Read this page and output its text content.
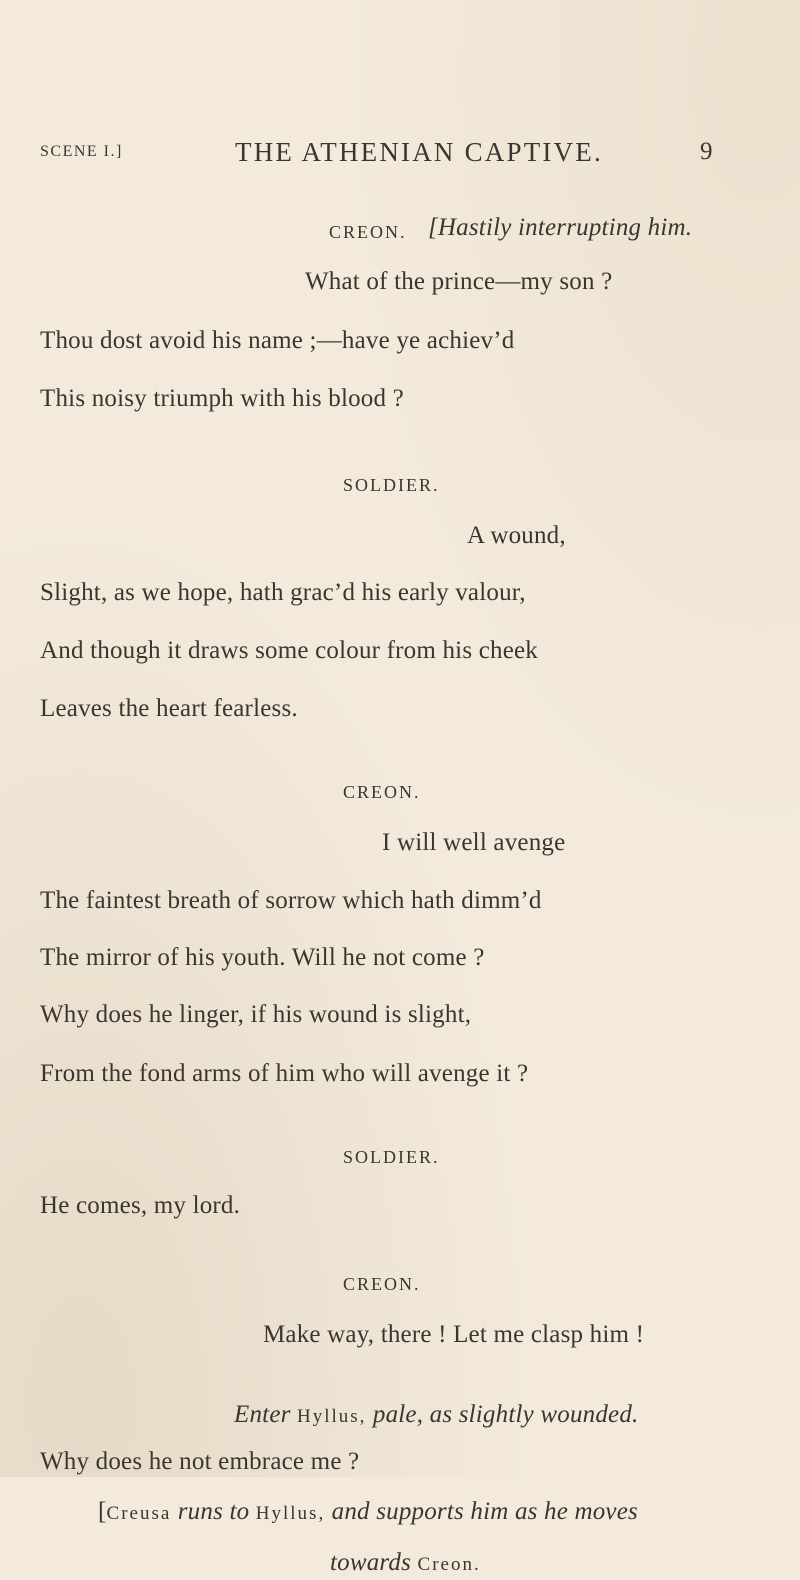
SCENE I.]	THE ATHENIAN CAPTIVE.	9
CREON. [Hastily interrupting him.
What of the prince—my son ?
Thou dost avoid his name ;—have ye achiev’d
This noisy triumph with his blood ?
SOLDIER.
A wound,
Slight, as we hope, hath grac’d his early valour,
And though it draws some colour from his cheek
Leaves the heart fearless.
CREON.
I will well avenge
The faintest breath of sorrow which hath dimm’d
The mirror of his youth. Will he not come ?
Why does he linger, if his wound is slight,
From the fond arms of him who will avenge it ?
SOLDIER.
He comes, my lord.
CREON.
Make way, there ! Let me clasp him !
Enter Hyllus, pale, as slightly wounded.
Why does he not embrace me ?
[Creusa runs to Hyllus, and supports him as he moves
towards Creon.
